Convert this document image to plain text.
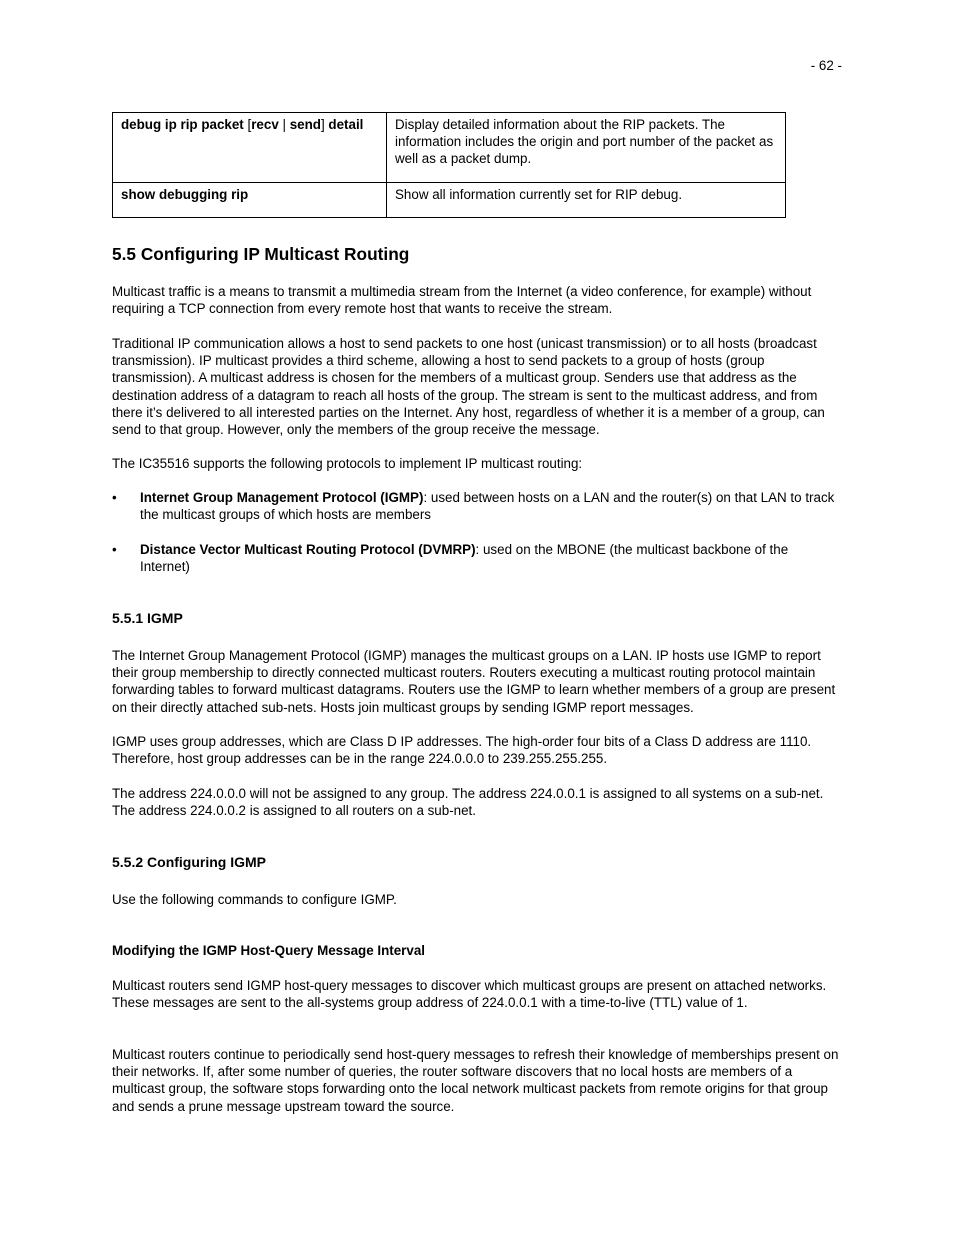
- 62 -
debug ip rip packet [recv | send] detail	Display detailed information about the RIP packets. The information includes the origin and port number of the packet as well as a packet dump.
show debugging rip	Show all information currently set for RIP debug.
5.5 Configuring IP Multicast Routing

Multicast traffic is a means to transmit a multimedia stream from the Internet (a video conference, for example) without requiring a TCP connection from every remote host that wants to receive the stream.

Traditional IP communication allows a host to send packets to one host (unicast transmission) or to all hosts (broadcast transmission). IP multicast provides a third scheme, allowing a host to send packets to a group of hosts (group transmission). A multicast address is chosen for the members of a multicast group. Senders use that address as the destination address of a datagram to reach all hosts of the group. The stream is sent to the multicast address, and from there it’s delivered to all interested parties on the Internet. Any host, regardless of whether it is a member of a group, can send to that group. However, only the members of the group receive the message.

The IC35516 supports the following protocols to implement IP multicast routing:

• Internet Group Management Protocol (IGMP): used between hosts on a LAN and the router(s) on that LAN to track the multicast groups of which hosts are members
• Distance Vector Multicast Routing Protocol (DVMRP): used on the MBONE (the multicast backbone of the Internet)
5.5.1 IGMP

The Internet Group Management Protocol (IGMP) manages the multicast groups on a LAN. IP hosts use IGMP to report their group membership to directly connected multicast routers. Routers executing a multicast routing protocol maintain forwarding tables to forward multicast datagrams. Routers use the IGMP to learn whether members of a group are present on their directly attached sub-nets. Hosts join multicast groups by sending IGMP report messages.

IGMP uses group addresses, which are Class D IP addresses. The high-order four bits of a Class D address are 1110. Therefore, host group addresses can be in the range 224.0.0.0 to 239.255.255.255.

The address 224.0.0.0 will not be assigned to any group. The address 224.0.0.1 is assigned to all systems on a sub-net. The address 224.0.0.2 is assigned to all routers on a sub-net.

5.5.2 Configuring IGMP

Use the following commands to configure IGMP.

Modifying the IGMP Host-Query Message Interval

Multicast routers send IGMP host-query messages to discover which multicast groups are present on attached networks. These messages are sent to the all-systems group address of 224.0.0.1 with a time-to-live (TTL) value of 1.

Multicast routers continue to periodically send host-query messages to refresh their knowledge of memberships present on their networks. If, after some number of queries, the router software discovers that no local hosts are members of a multicast group, the software stops forwarding onto the local network multicast packets from remote origins for that group and sends a prune message upstream toward the source.
